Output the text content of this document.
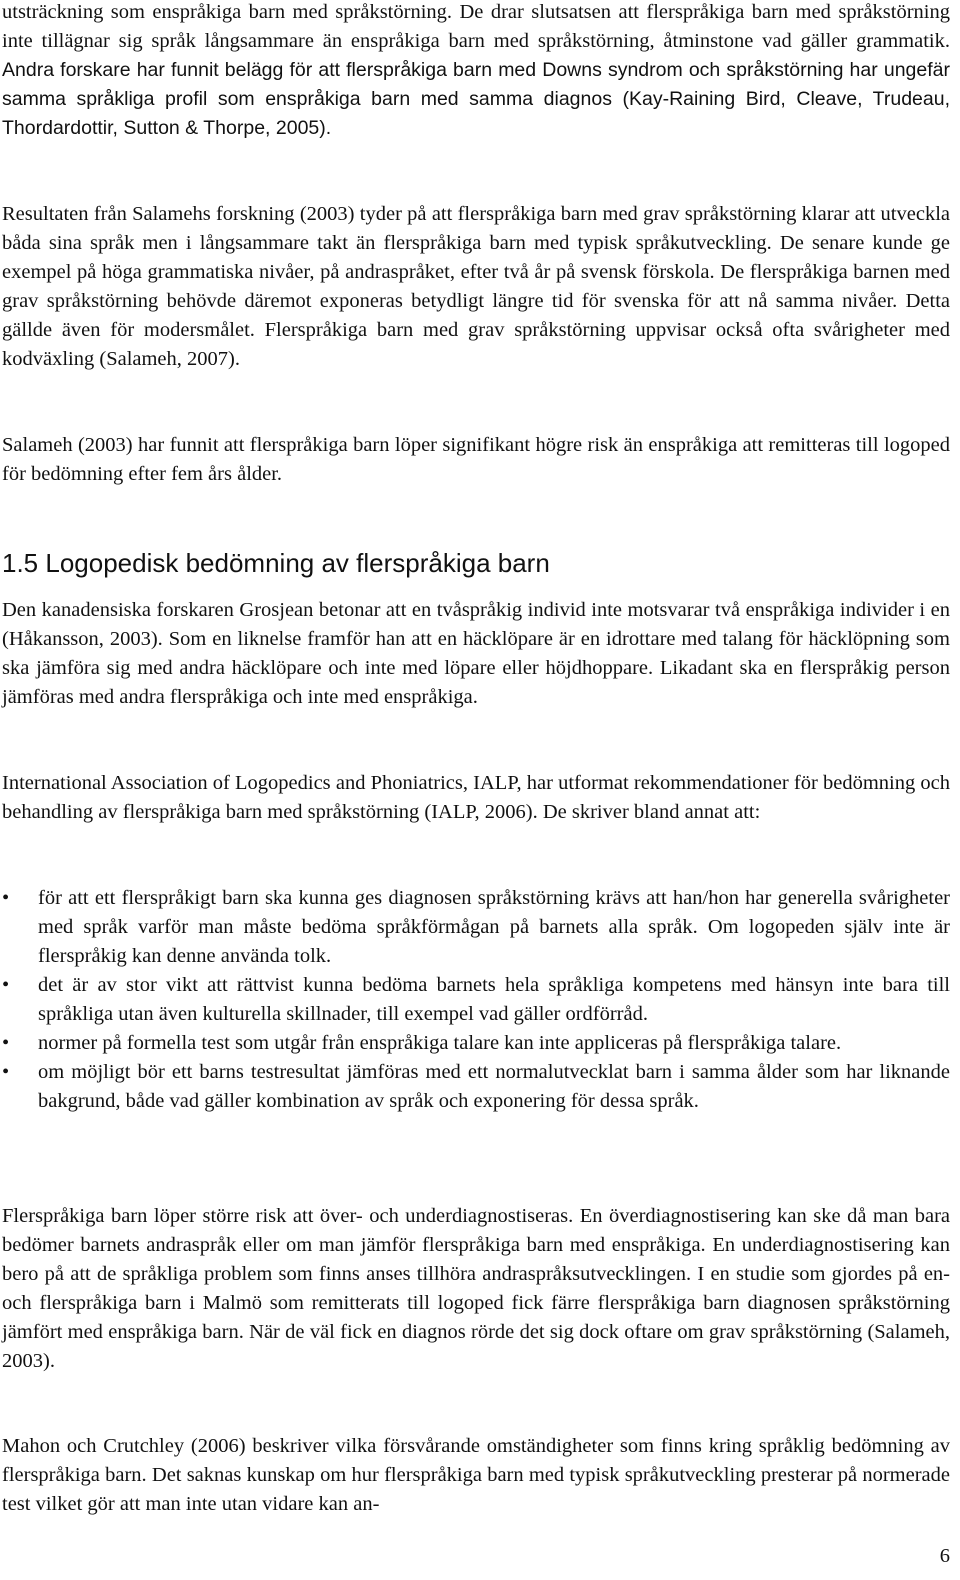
utsträckning som enspråkiga barn med språkstörning. De drar slutsatsen att flerspråkiga barn med språkstörning inte tillägnar sig språk långsammare än enspråkiga barn med språkstörning, åtminstone vad gäller grammatik. Andra forskare har funnit belägg för att flerspråkiga barn med Downs syndrom och språkstörning har ungefär samma språkliga profil som enspråkiga barn med samma diagnos (Kay-Raining Bird, Cleave, Trudeau, Thordardottir, Sutton & Thorpe, 2005).

Resultaten från Salamehs forskning (2003) tyder på att flerspråkiga barn med grav språkstörning klarar att utveckla båda sina språk men i långsammare takt än flerspråkiga barn med typisk språkutveckling. De senare kunde ge exempel på höga grammatiska nivåer, på andraspråket, efter två år på svensk förskola. De flerspråkiga barnen med grav språkstörning behövde däremot exponeras betydligt längre tid för svenska för att nå samma nivåer. Detta gällde även för modersmålet. Flerspråkiga barn med grav språkstörning uppvisar också ofta svårigheter med kodväxling (Salameh, 2007).

Salameh (2003) har funnit att flerspråkiga barn löper signifikant högre risk än enspråkiga att remitteras till logoped för bedömning efter fem års ålder.

1.5 Logopedisk bedömning av flerspråkiga barn

Den kanadensiska forskaren Grosjean betonar att en tvåspråkig individ inte motsvarar två enspråkiga individer i en (Håkansson, 2003). Som en liknelse framför han att en häcklöpare är en idrottare med talang för häcklöpning som ska jämföra sig med andra häcklöpare och inte med löpare eller höjdhoppare. Likadant ska en flerspråkig person jämföras med andra flerspråkiga och inte med enspråkiga.

International Association of Logopedics and Phoniatrics, IALP, har utformat rekommendationer för bedömning och behandling av flerspråkiga barn med språkstörning (IALP, 2006). De skriver bland annat att:

• för att ett flerspråkigt barn ska kunna ges diagnosen språkstörning krävs att han/hon har generella svårigheter med språk varför man måste bedöma språkförmågan på barnets alla språk. Om logopeden själv inte är flerspråkig kan denne använda tolk.
• det är av stor vikt att rättvist kunna bedöma barnets hela språkliga kompetens med hänsyn inte bara till språkliga utan även kulturella skillnader, till exempel vad gäller ordförråd.
• normer på formella test som utgår från enspråkiga talare kan inte appliceras på flerspråkiga talare.
• om möjligt bör ett barns testresultat jämföras med ett normalutvecklat barn i samma ålder som har liknande bakgrund, både vad gäller kombination av språk och exponering för dessa språk.

Flerspråkiga barn löper större risk att över- och underdiagnostiseras. En överdiagnostisering kan ske då man bara bedömer barnets andraspråk eller om man jämför flerspråkiga barn med enspråkiga. En underdiagnostisering kan bero på att de språkliga problem som finns anses tillhöra andraspråksutvecklingen. I en studie som gjordes på en- och flerspråkiga barn i Malmö som remitterats till logoped fick färre flerspråkiga barn diagnosen språkstörning jämfört med enspråkiga barn. När de väl fick en diagnos rörde det sig dock oftare om grav språkstörning (Salameh, 2003).

Mahon och Crutchley (2006) beskriver vilka försvårande omständigheter som finns kring språklig bedömning av flerspråkiga barn. Det saknas kunskap om hur flerspråkiga barn med typisk språkutveckling presterar på normerade test vilket gör att man inte utan vidare kan an-

6
